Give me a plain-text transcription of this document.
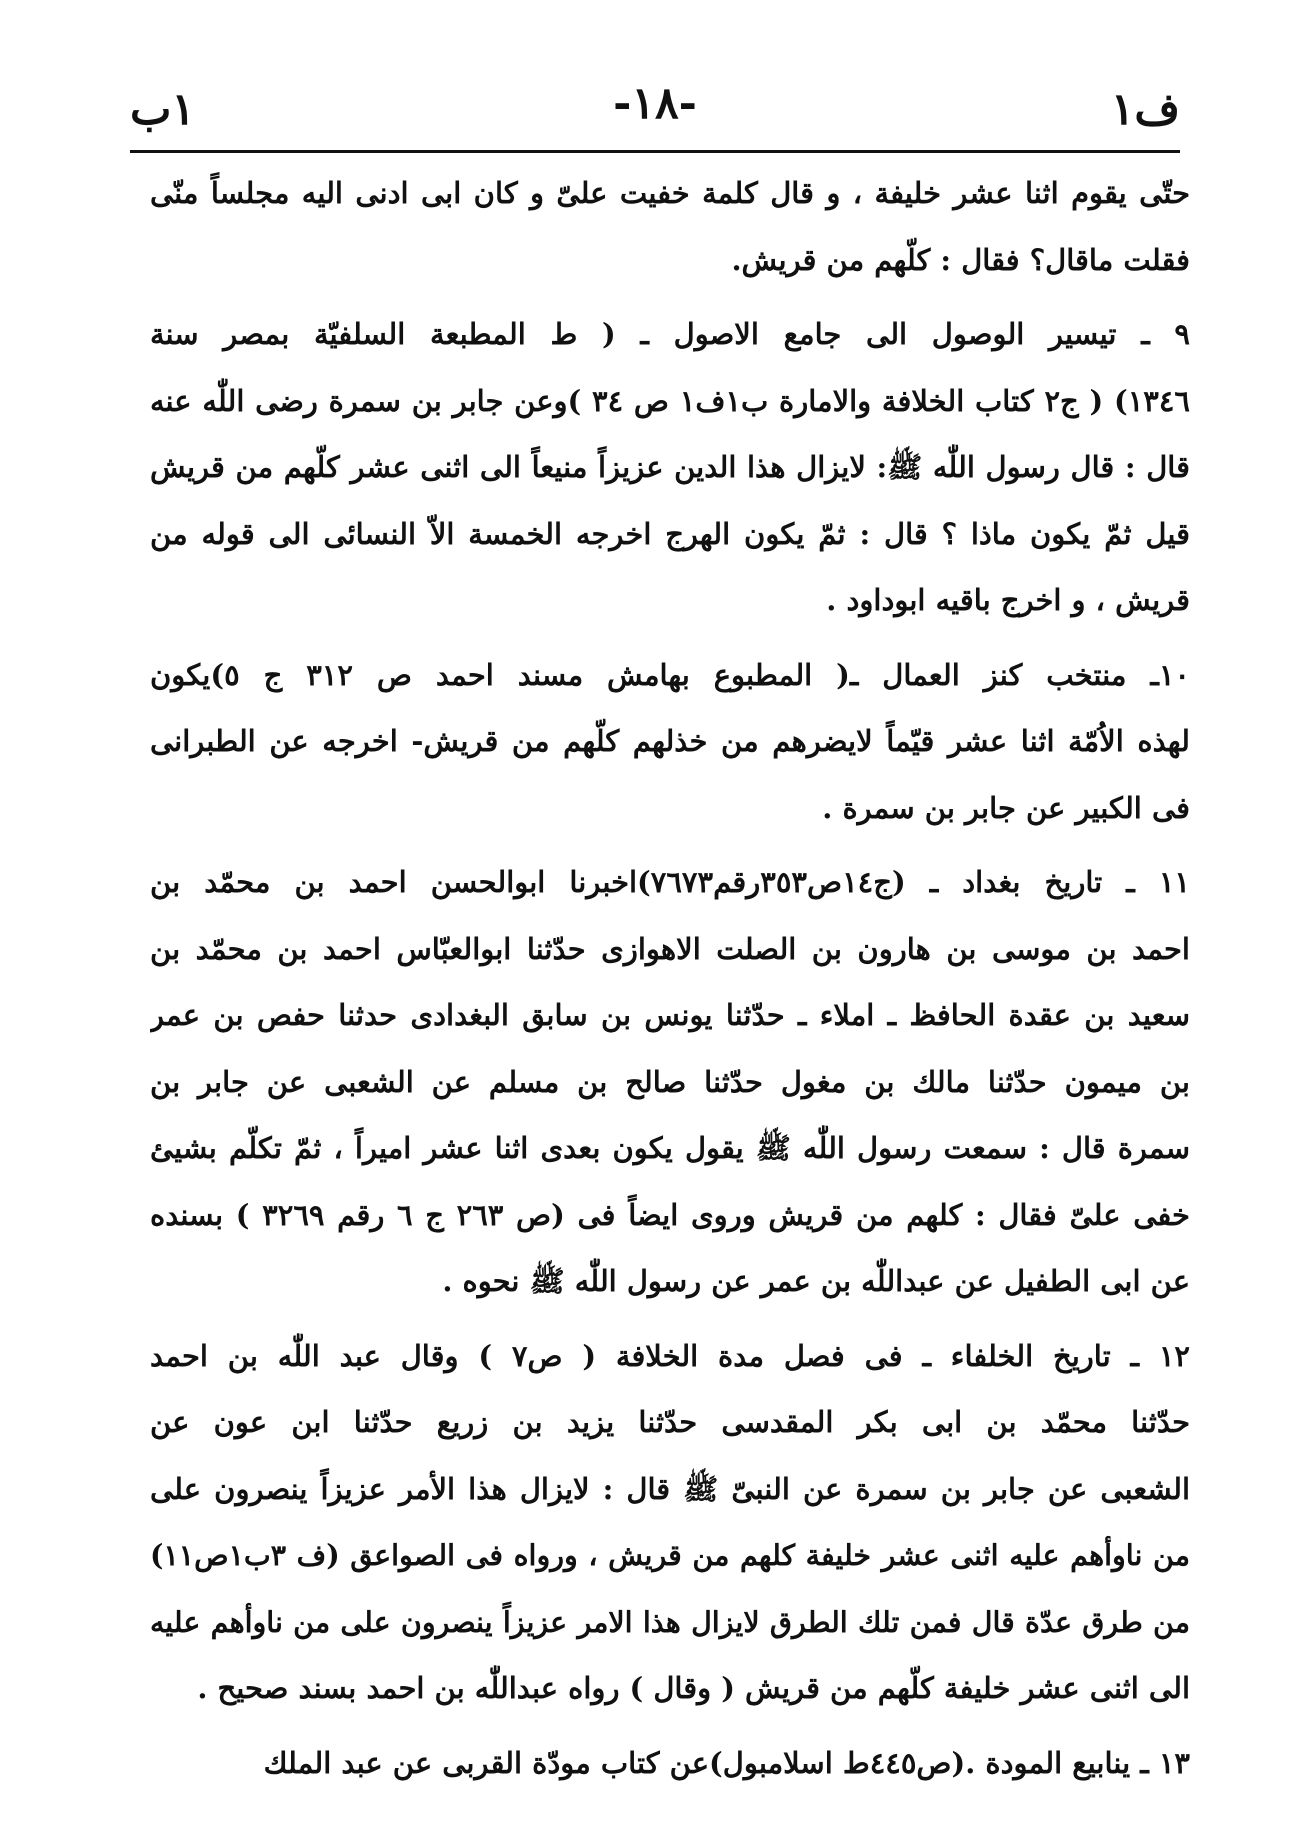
ف١
-١٨-
١ب
حتّی یقوم اثنا عشر خلیفة ، و قال کلمة خفیت علیّ و کان ابی ادنی الیه مجلساً منّی
فقلت ماقال؟ فقال : کلّهم من قریش.
۹ ـ تیسیر الوصول الی جامع الاصول ـ ( ط المطبعة السلفیّة بمصر سنة
١٣٤٦) ( ج٢ کتاب الخلافة والامارة ب١ف١ ص ٣٤ )وعن جابر بن سمرة رضی اللّٰه عنه
قال : قال رسول اللّٰه ﷺ: لایزال هذا الدین عزیزاً منیعاً الی اثنی عشر کلّهم من قریش
قیل ثمّ یکون ماذا ؟ قال : ثمّ یکون الهرج اخرجه الخمسة الاّ النسائی الی قوله من
قریش ، و اخرج باقیه ابوداود .
١٠ـ منتخب کنز العمال ـ( المطبوع بهامش مسند احمد ص ٣١٢ ج ٥)یکون
لهذه الاُمّة اثنا عشر قیّماً لایضرهم من خذلهم کلّهم من قریش- اخرجه عن الطبرانی
فی الکبیر عن جابر بن سمرة .
١١ ـ تاریخ بغداد ـ (ج١٤ص٣٥٣رقم٧٦٧٣)اخبرنا ابوالحسن احمد بن محمّد بن
احمد بن موسی بن هارون بن الصلت الاهوازی حدّثنا ابوالعبّاس احمد بن محمّد بن
سعید بن عقدة الحافظ ـ املاء ـ حدّثنا یونس بن سابق البغدادی حدثنا حفص بن عمر
بن میمون حدّثنا مالك بن مغول حدّثنا صالح بن مسلم عن الشعبی عن جابر بن
سمرة قال : سمعت رسول اللّٰه ﷺ یقول یکون بعدی اثنا عشر امیراً ، ثمّ تکلّم بشیئ
خفی علیّ فقال : کلهم من قریش وروی ایضاً فی (ص ٢٦٣ ج ٦ رقم ٣٢٦٩ ) بسنده
عن ابی الطفیل عن عبداللّٰه بن عمر عن رسول اللّٰه ﷺ نحوه .
١٢ ـ تاریخ الخلفاء ـ فی فصل مدة الخلافة ( ص٧ ) وقال عبد اللّٰه بن احمد
حدّثنا محمّد بن ابی بکر المقدسی حدّثنا یزید بن زریع حدّثنا ابن عون عن
الشعبی عن جابر بن سمرة عن النبیّ ﷺ قال : لایزال هذا الأمر عزیزاً ینصرون علی
من ناوأهم علیه اثنی عشر خلیفة کلهم من قریش ، ورواه فی الصواعق (ف ٣ب١ص١١)
من طرق عدّة قال فمن تلك الطرق لایزال هذا الامر عزیزاً ینصرون علی من ناوأهم علیه
الی اثنی عشر خلیفة کلّهم من قریش ( وقال ) رواه عبداللّٰه بن احمد بسند صحیح .
١٣ ـ ینابیع المودة .(ص٤٤٥ط اسلامبول)عن کتاب مودّة القربی عن عبد الملك
